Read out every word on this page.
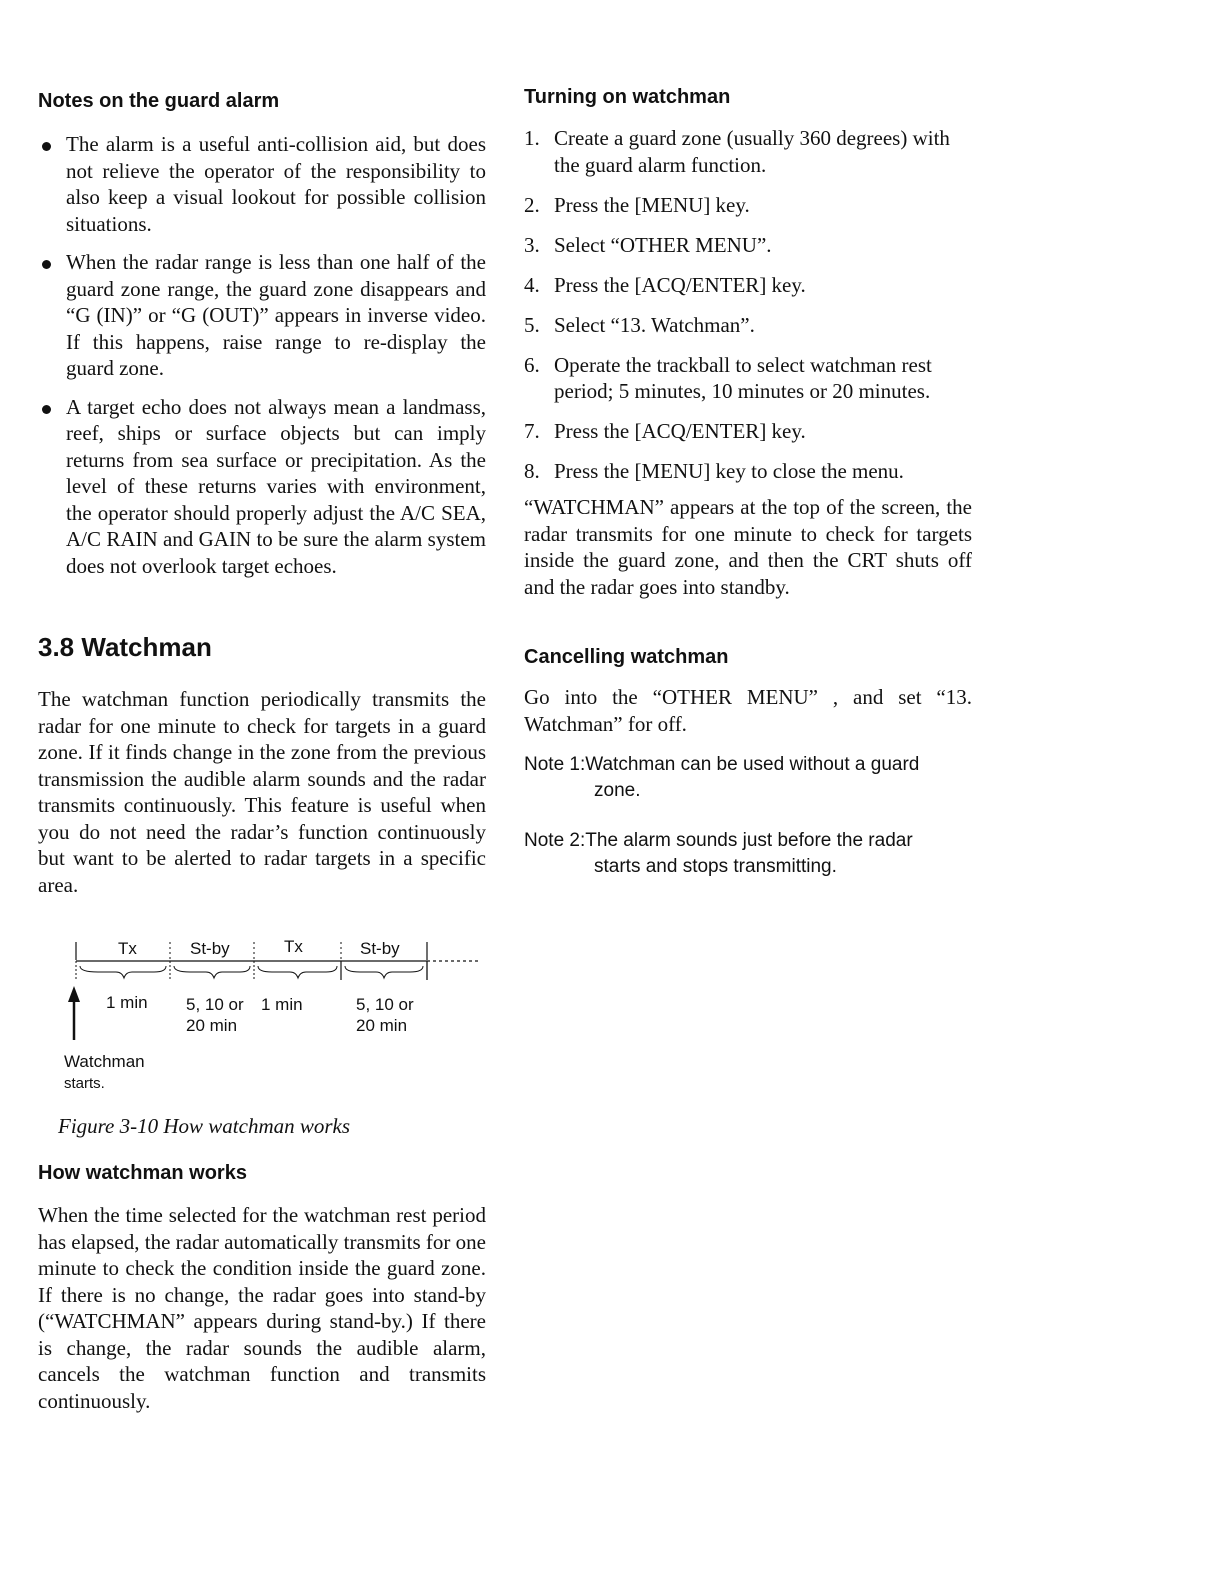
Notes on the guard alarm
The alarm is a useful anti-collision aid, but does not relieve the operator of the responsibility to also keep a visual lookout for possible collision situations.
When the radar range is less than one half of the guard zone range, the guard zone disappears and “G (IN)” or “G (OUT)” appears in inverse video. If this happens, raise range to re-display the guard zone.
A target echo does not always mean a landmass, reef, ships or surface objects but can imply returns from sea surface or precipitation. As the level of these returns varies with environment, the operator should properly adjust the A/C SEA, A/C RAIN and GAIN to be sure the alarm system does not overlook target echoes.
3.8 Watchman

The watchman function periodically transmits the radar for one minute to check for targets in a guard zone. If it finds change in the zone from the previous transmission the audible alarm sounds and the radar transmits continuously. This feature is useful when you do not need the radar’s function continuously but want to be alerted to radar targets in a specific area.

Tx	St-by	Tx	St-by
1 min 5, 10 or
20 min
1 min	5, 10 or
20 min
Watchman
starts.

Figure 3-10 How watchman works

How watchman works

When the time selected for the watchman rest period has elapsed, the radar automatically transmits for one minute to check the condition inside the guard zone. If there is no change, the radar goes into stand-by (“WATCHMAN” appears during stand-by.) If there is change, the radar sounds the audible alarm, cancels the watchman function and transmits continuously.

Turning on watchman
1. Create a guard zone (usually 360 degrees) with the guard alarm function.
2. Press the [MENU] key.
3. Select “OTHER MENU”.
4. Press the [ACQ/ENTER] key.
5. Select “13. Watchman”.
6. Operate the trackball to select watchman rest period; 5 minutes, 10 minutes or 20 minutes.
7. Press the [ACQ/ENTER] key.
8. Press the [MENU] key to close the menu.

“WATCHMAN” appears at the top of the screen, the radar transmits for one minute to check for targets inside the guard zone, and then the CRT shuts off and the radar goes into standby.

Cancelling watchman

Go into the “OTHER MENU” , and set “13. Watchman” for off.

Note 1:Watchman can be used without a guard
zone.

Note 2:The alarm sounds just before the radar
starts and stops transmitting.
